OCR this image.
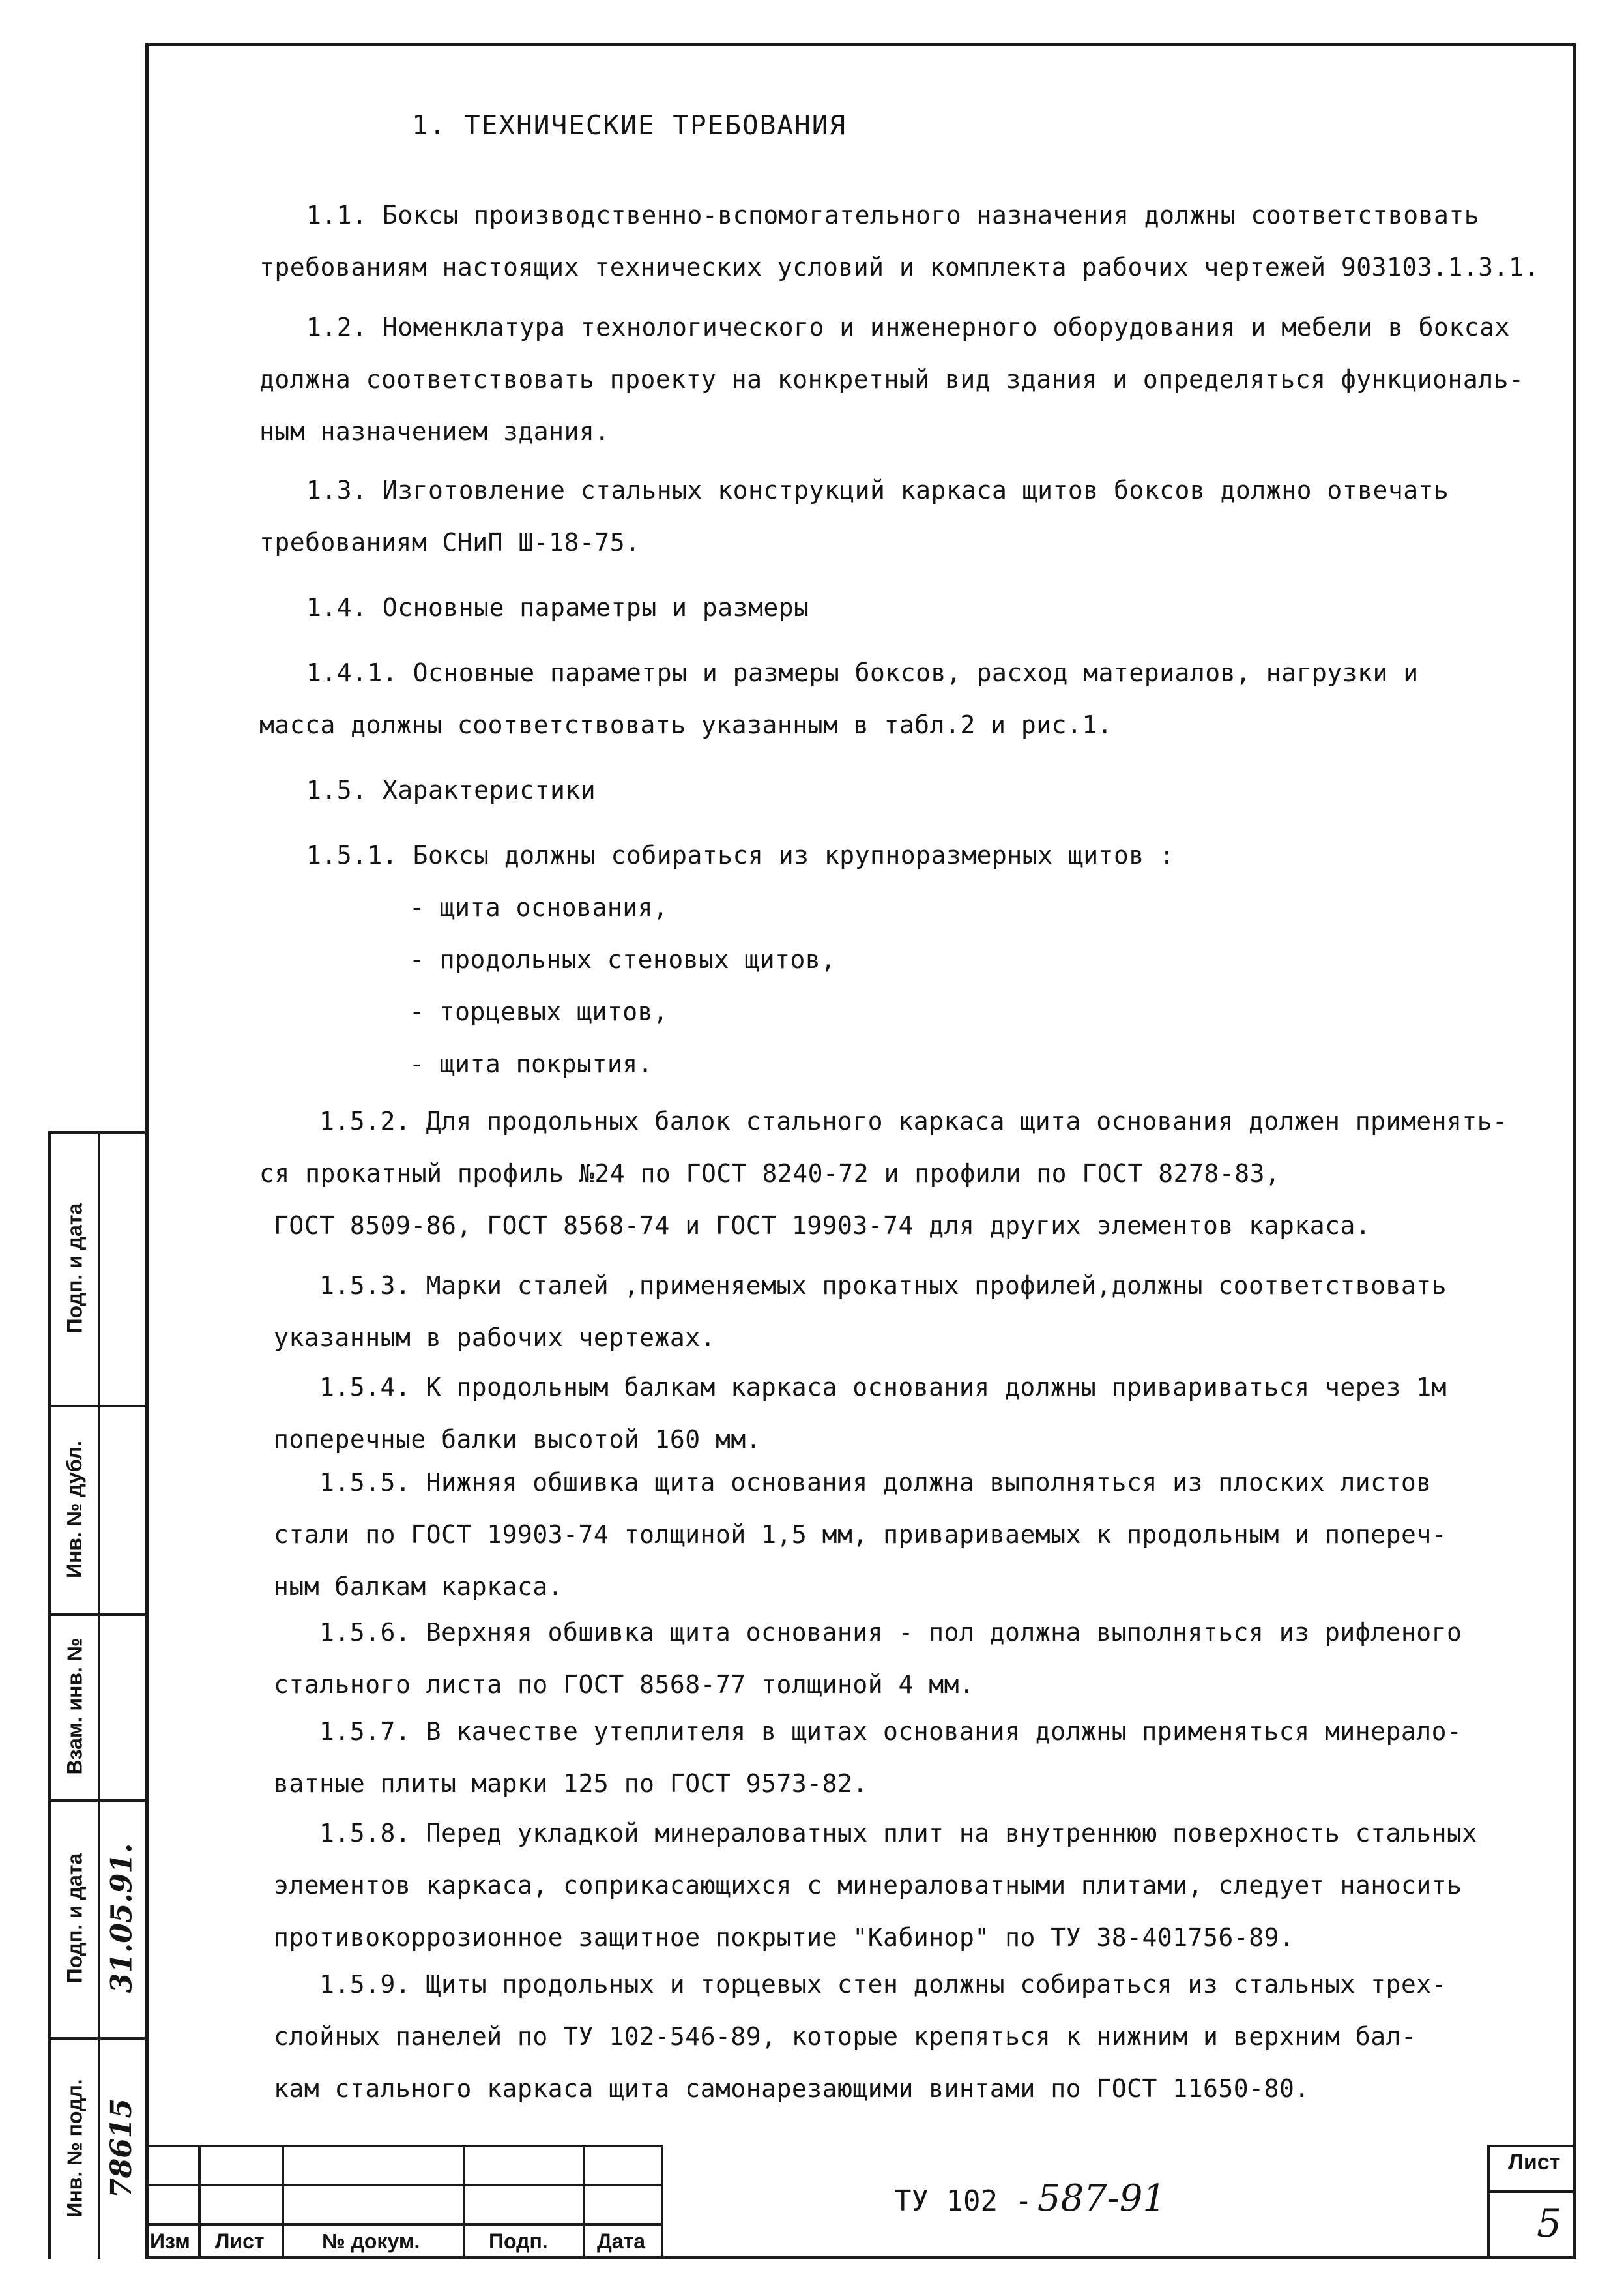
1. ТЕХНИЧЕСКИЕ ТРЕБОВАНИЯ
1.1. Боксы производственно-вспомогательного назначения должны соответствовать
требованиям настоящих технических условий и комплекта рабочих чертежей 903103.1.3.1.
1.2. Номенклатура технологического и инженерного оборудования и мебели в боксах
должна соответствовать проекту на конкретный вид здания и определяться функциональ-
ным назначением здания.
1.3. Изготовление стальных конструкций каркаса щитов боксов должно отвечать
требованиям СНиП Ш-18-75.
1.4. Основные параметры и размеры
1.4.1. Основные параметры и размеры боксов, расход материалов, нагрузки и
масса должны соответствовать указанным в табл.2 и рис.1.
1.5. Характеристики
1.5.1. Боксы должны собираться из крупноразмерных щитов :
- щита основания,
- продольных стеновых щитов,
- торцевых щитов,
- щита покрытия.
1.5.2. Для продольных балок стального каркаса щита основания должен применять-
ся прокатный профиль №24 по ГОСТ 8240-72 и профили по ГОСТ 8278-83,
ГОСТ 8509-86, ГОСТ 8568-74 и ГОСТ 19903-74 для других элементов каркаса.
1.5.3. Марки сталей ,применяемых прокатных профилей,должны соответствовать
указанным в рабочих чертежах.
1.5.4. К продольным балкам каркаса основания должны привариваться через 1м
поперечные балки высотой 160 мм.
1.5.5. Нижняя обшивка щита основания должна выполняться из плоских листов
стали по ГОСТ 19903-74 толщиной 1,5 мм, привариваемых к продольным и попереч-
ным балкам каркаса.
1.5.6. Верхняя обшивка щита основания - пол должна выполняться из рифленого
стального листа по ГОСТ 8568-77 толщиной 4 мм.
1.5.7. В качестве утеплителя в щитах основания должны применяться минерало-
ватные плиты марки 125 по ГОСТ 9573-82.
1.5.8. Перед укладкой минераловатных плит на внутреннюю поверхность стальных
элементов каркаса, соприкасающихся с минераловатными плитами, следует наносить
противокоррозионное защитное покрытие "Кабинор" по ТУ 38-401756-89.
1.5.9. Щиты продольных и торцевых стен должны собираться из стальных трех-
слойных панелей по ТУ 102-546-89, которые крепяться к нижним и верхним бал-
кам стального каркаса щита самонарезающими винтами по ГОСТ 11650-80.
Подп. и дата
Инв. № дубл.
Взам. инв. №
Подп. и дата
Инв. № подл.
31.05.91.
78615
Изм Лист	№ докум.	Подп. Дата
ТУ 102 - 587-91
Лист
5
